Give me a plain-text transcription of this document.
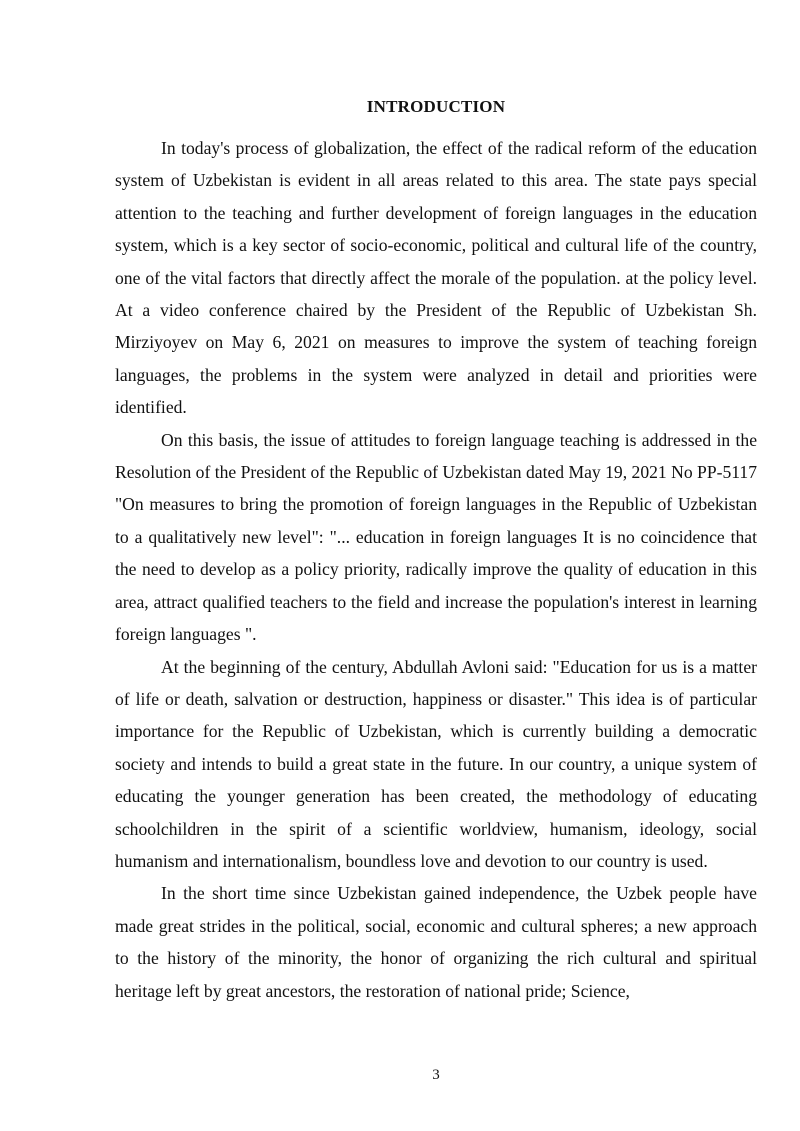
INTRODUCTION

In today's process of globalization, the effect of the radical reform of the education system of Uzbekistan is evident in all areas related to this area. The state pays special attention to the teaching and further development of foreign languages in the education system, which is a key sector of socio-economic, political and cultural life of the country, one of the vital factors that directly affect the morale of the population. at the policy level. At a video conference chaired by the President of the Republic of Uzbekistan Sh. Mirziyoyev on May 6, 2021 on measures to improve the system of teaching foreign languages, the problems in the system were analyzed in detail and priorities were identified.

On this basis, the issue of attitudes to foreign language teaching is addressed in the Resolution of the President of the Republic of Uzbekistan dated May 19, 2021 No PP-5117 "On measures to bring the promotion of foreign languages in the Republic of Uzbekistan to a qualitatively new level": "... education in foreign languages It is no coincidence that the need to develop as a policy priority, radically improve the quality of education in this area, attract qualified teachers to the field and increase the population's interest in learning foreign languages ".

At the beginning of the century, Abdullah Avloni said: "Education for us is a matter of life or death, salvation or destruction, happiness or disaster." This idea is of particular importance for the Republic of Uzbekistan, which is currently building a democratic society and intends to build a great state in the future. In our country, a unique system of educating the younger generation has been created, the methodology of educating schoolchildren in the spirit of a scientific worldview, humanism, ideology, social humanism and internationalism, boundless love and devotion to our country is used.

In the short time since Uzbekistan gained independence, the Uzbek people have made great strides in the political, social, economic and cultural spheres; a new approach to the history of the minority, the honor of organizing the rich cultural and spiritual heritage left by great ancestors, the restoration of national pride; Science,

3
